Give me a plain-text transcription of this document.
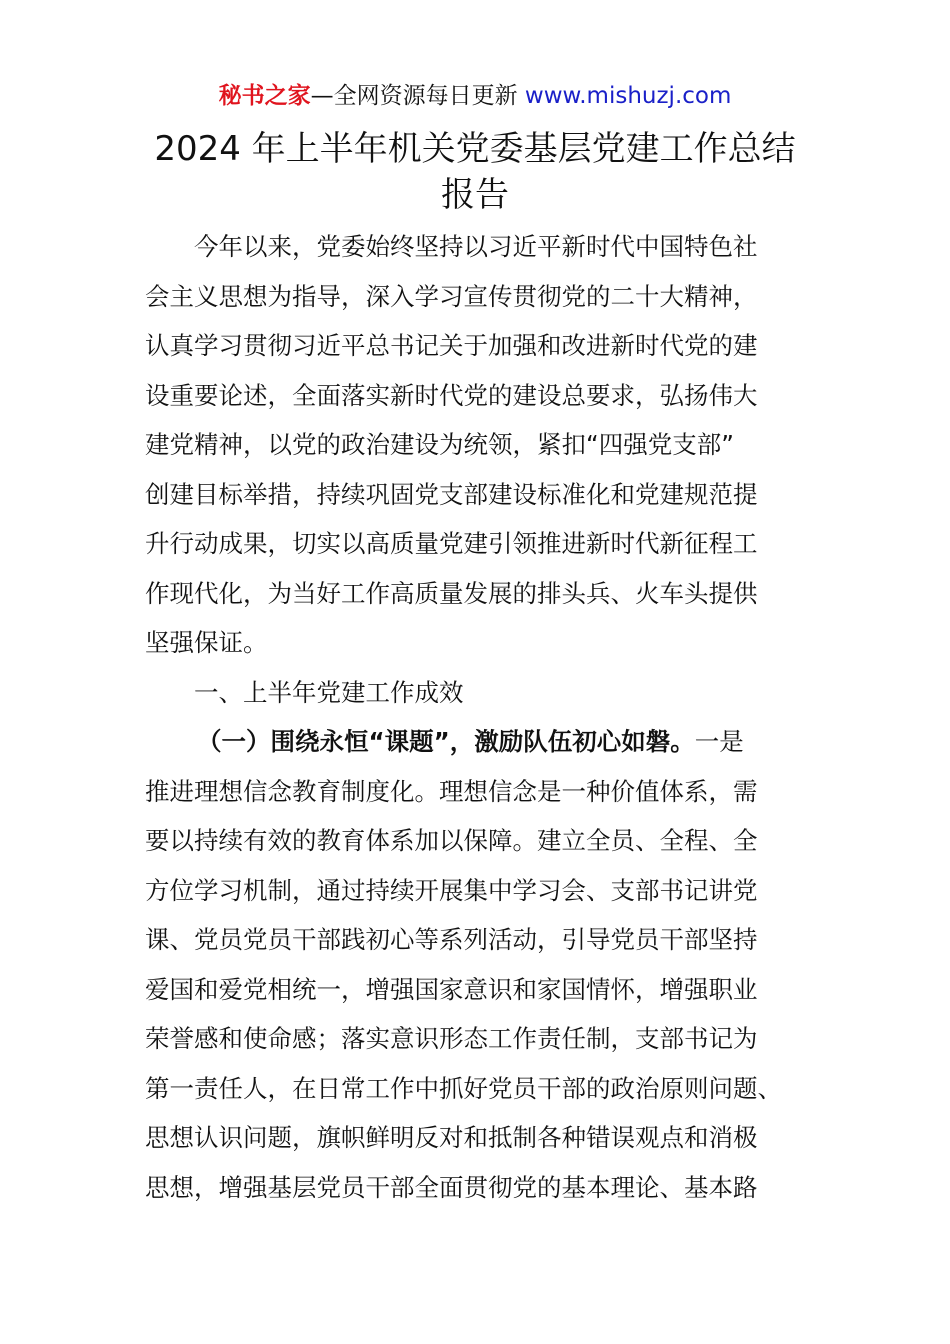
秘书之家—全网资源每日更新 www.mishuzj.com
2024 年上半年机关党委基层党建工作总结
报告
今年以来，党委始终坚持以习近平新时代中国特色社
会主义思想为指导，深入学习宣传贯彻党的二十大精神，
认真学习贯彻习近平总书记关于加强和改进新时代党的建
设重要论述，全面落实新时代党的建设总要求，弘扬伟大
建党精神，以党的政治建设为统领，紧扣“四强党支部”
创建目标举措，持续巩固党支部建设标准化和党建规范提
升行动成果，切实以高质量党建引领推进新时代新征程工
作现代化，为当好工作高质量发展的排头兵、火车头提供
坚强保证。
一、上半年党建工作成效
（一）围绕永恒“课题”，激励队伍初心如磐。一是
推进理想信念教育制度化。理想信念是一种价值体系，需
要以持续有效的教育体系加以保障。建立全员、全程、全
方位学习机制，通过持续开展集中学习会、支部书记讲党
课、党员党员干部践初心等系列活动，引导党员干部坚持
爱国和爱党相统一，增强国家意识和家国情怀，增强职业
荣誉感和使命感；落实意识形态工作责任制，支部书记为
第一责任人，在日常工作中抓好党员干部的政治原则问题、
思想认识问题，旗帜鲜明反对和抵制各种错误观点和消极
思想，增强基层党员干部全面贯彻党的基本理论、基本路
